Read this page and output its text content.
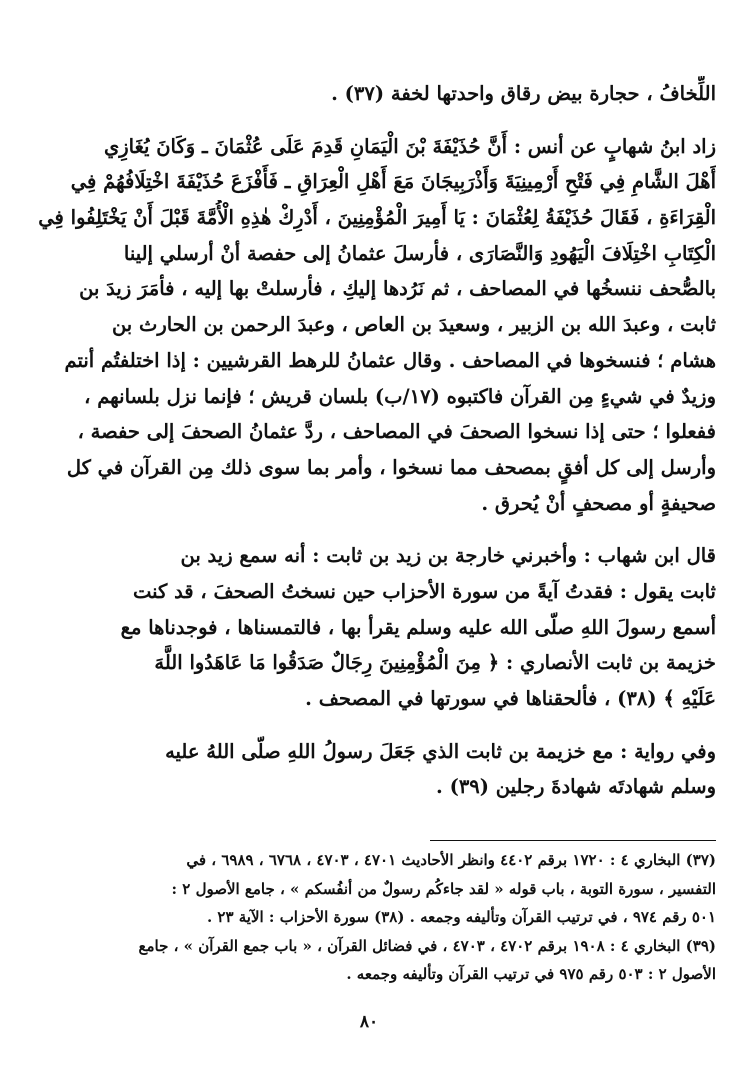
اللِّخافُ ، حجارة بيض رقاق واحدتها لخفة (٣٧) .
زاد ابنُ شهابٍ عن أنس : أَنَّ حُذَيْفَةَ بْنَ الْيَمَانِ قَدِمَ عَلَى عُثْمَانَ ـ وَكَانَ يُغَازِي
أَهْلَ الشَّامِ فِي فَتْحِ أَرْمِينِيَةَ وَأَذْرَبِيجَانَ مَعَ أَهْلِ الْعِرَاقِ ـ فَأَفْزَعَ حُذَيْفَةَ اخْتِلَافُهُمْ فِي
الْقِرَاءَةِ ، فَقَالَ حُذَيْفَةُ لِعُثْمَانَ : يَا أَمِيرَ الْمُؤْمِنِينَ ، أَدْرِكْ هٰذِهِ الْأُمَّةَ قَبْلَ أَنْ يَخْتَلِفُوا فِي
الْكِتَابِ اخْتِلَافَ الْيَهُودِ وَالنَّصَارَى ، فأرسلَ عثمانُ إلى حفصة أنْ أرسلي إلينا
بالصُّحف ننسخُها في المصاحف ، ثم نَرُدها إليكِ ، فأرسلتْ بها إليه ، فأمَرَ زيدَ بن
ثابت ، وعبدَ الله بن الزبير ، وسعيدَ بن العاص ، وعبدَ الرحمن بن الحارث بن
هشام ؛ فنسخوها في المصاحف . وقال عثمانُ للرهط القرشيين : إذا اختلفتُم أنتم
وزيدٌ في شيءٍ مِن القرآن فاكتبوه (١٧/ب) بلسان قريش ؛ فإنما نزل بلسانهم ،
ففعلوا ؛ حتى إذا نسخوا الصحفَ في المصاحف ، ردَّ عثمانُ الصحفَ إلى حفصة ،
وأرسل إلى كل أفقٍ بمصحف مما نسخوا ، وأمر بما سوى ذلك مِن القرآن في كل
صحيفةٍ أو مصحفٍ أنْ يُحرق .
قال ابن شهاب : وأخبرني خارجة بن زيد بن ثابت : أنه سمع زيد بن
ثابت يقول : فقدتُ آيةً من سورة الأحزاب حين نسختُ الصحفَ ، قد كنت
أسمع رسولَ اللهِ صلّى الله عليه وسلم يقرأ بها ، فالتمسناها ، فوجدناها مع
خزيمة بن ثابت الأنصاري : ﴿ مِنَ الْمُؤْمِنِينَ رِجَالٌ صَدَقُوا مَا عَاهَدُوا اللَّهَ
عَلَيْهِ ﴾ (٣٨) ، فألحقناها في سورتها في المصحف .
وفي رواية : مع خزيمة بن ثابت الذي جَعَلَ رسولُ اللهِ صلّى اللهُ عليه
وسلم شهادتَه شهادةَ رجلين (٣٩) .
(٣٧) البخاري ٤ : ١٧٢٠ برقم ٤٤٠٢ وانظر الأحاديث ٤٧٠١ ، ٤٧٠٣ ، ٦٧٦٨ ، ٦٩٨٩ ، في
التفسير ، سورة التوبة ، باب قوله « لقد جاءكُم رسولٌ من أنفُسكم » ، جامع الأصول ٢ :
٥٠١ رقم ٩٧٤ ، في ترتيب القرآن وتأليفه وجمعه . (٣٨) سورة الأحزاب : الآية ٢٣ .
(٣٩) البخاري ٤ : ١٩٠٨ برقم ٤٧٠٢ ، ٤٧٠٣ ، في فضائل القرآن ، « باب جمع القرآن » ، جامع
الأصول ٢ : ٥٠٣ رقم ٩٧٥ في ترتيب القرآن وتأليفه وجمعه .
٨٠
